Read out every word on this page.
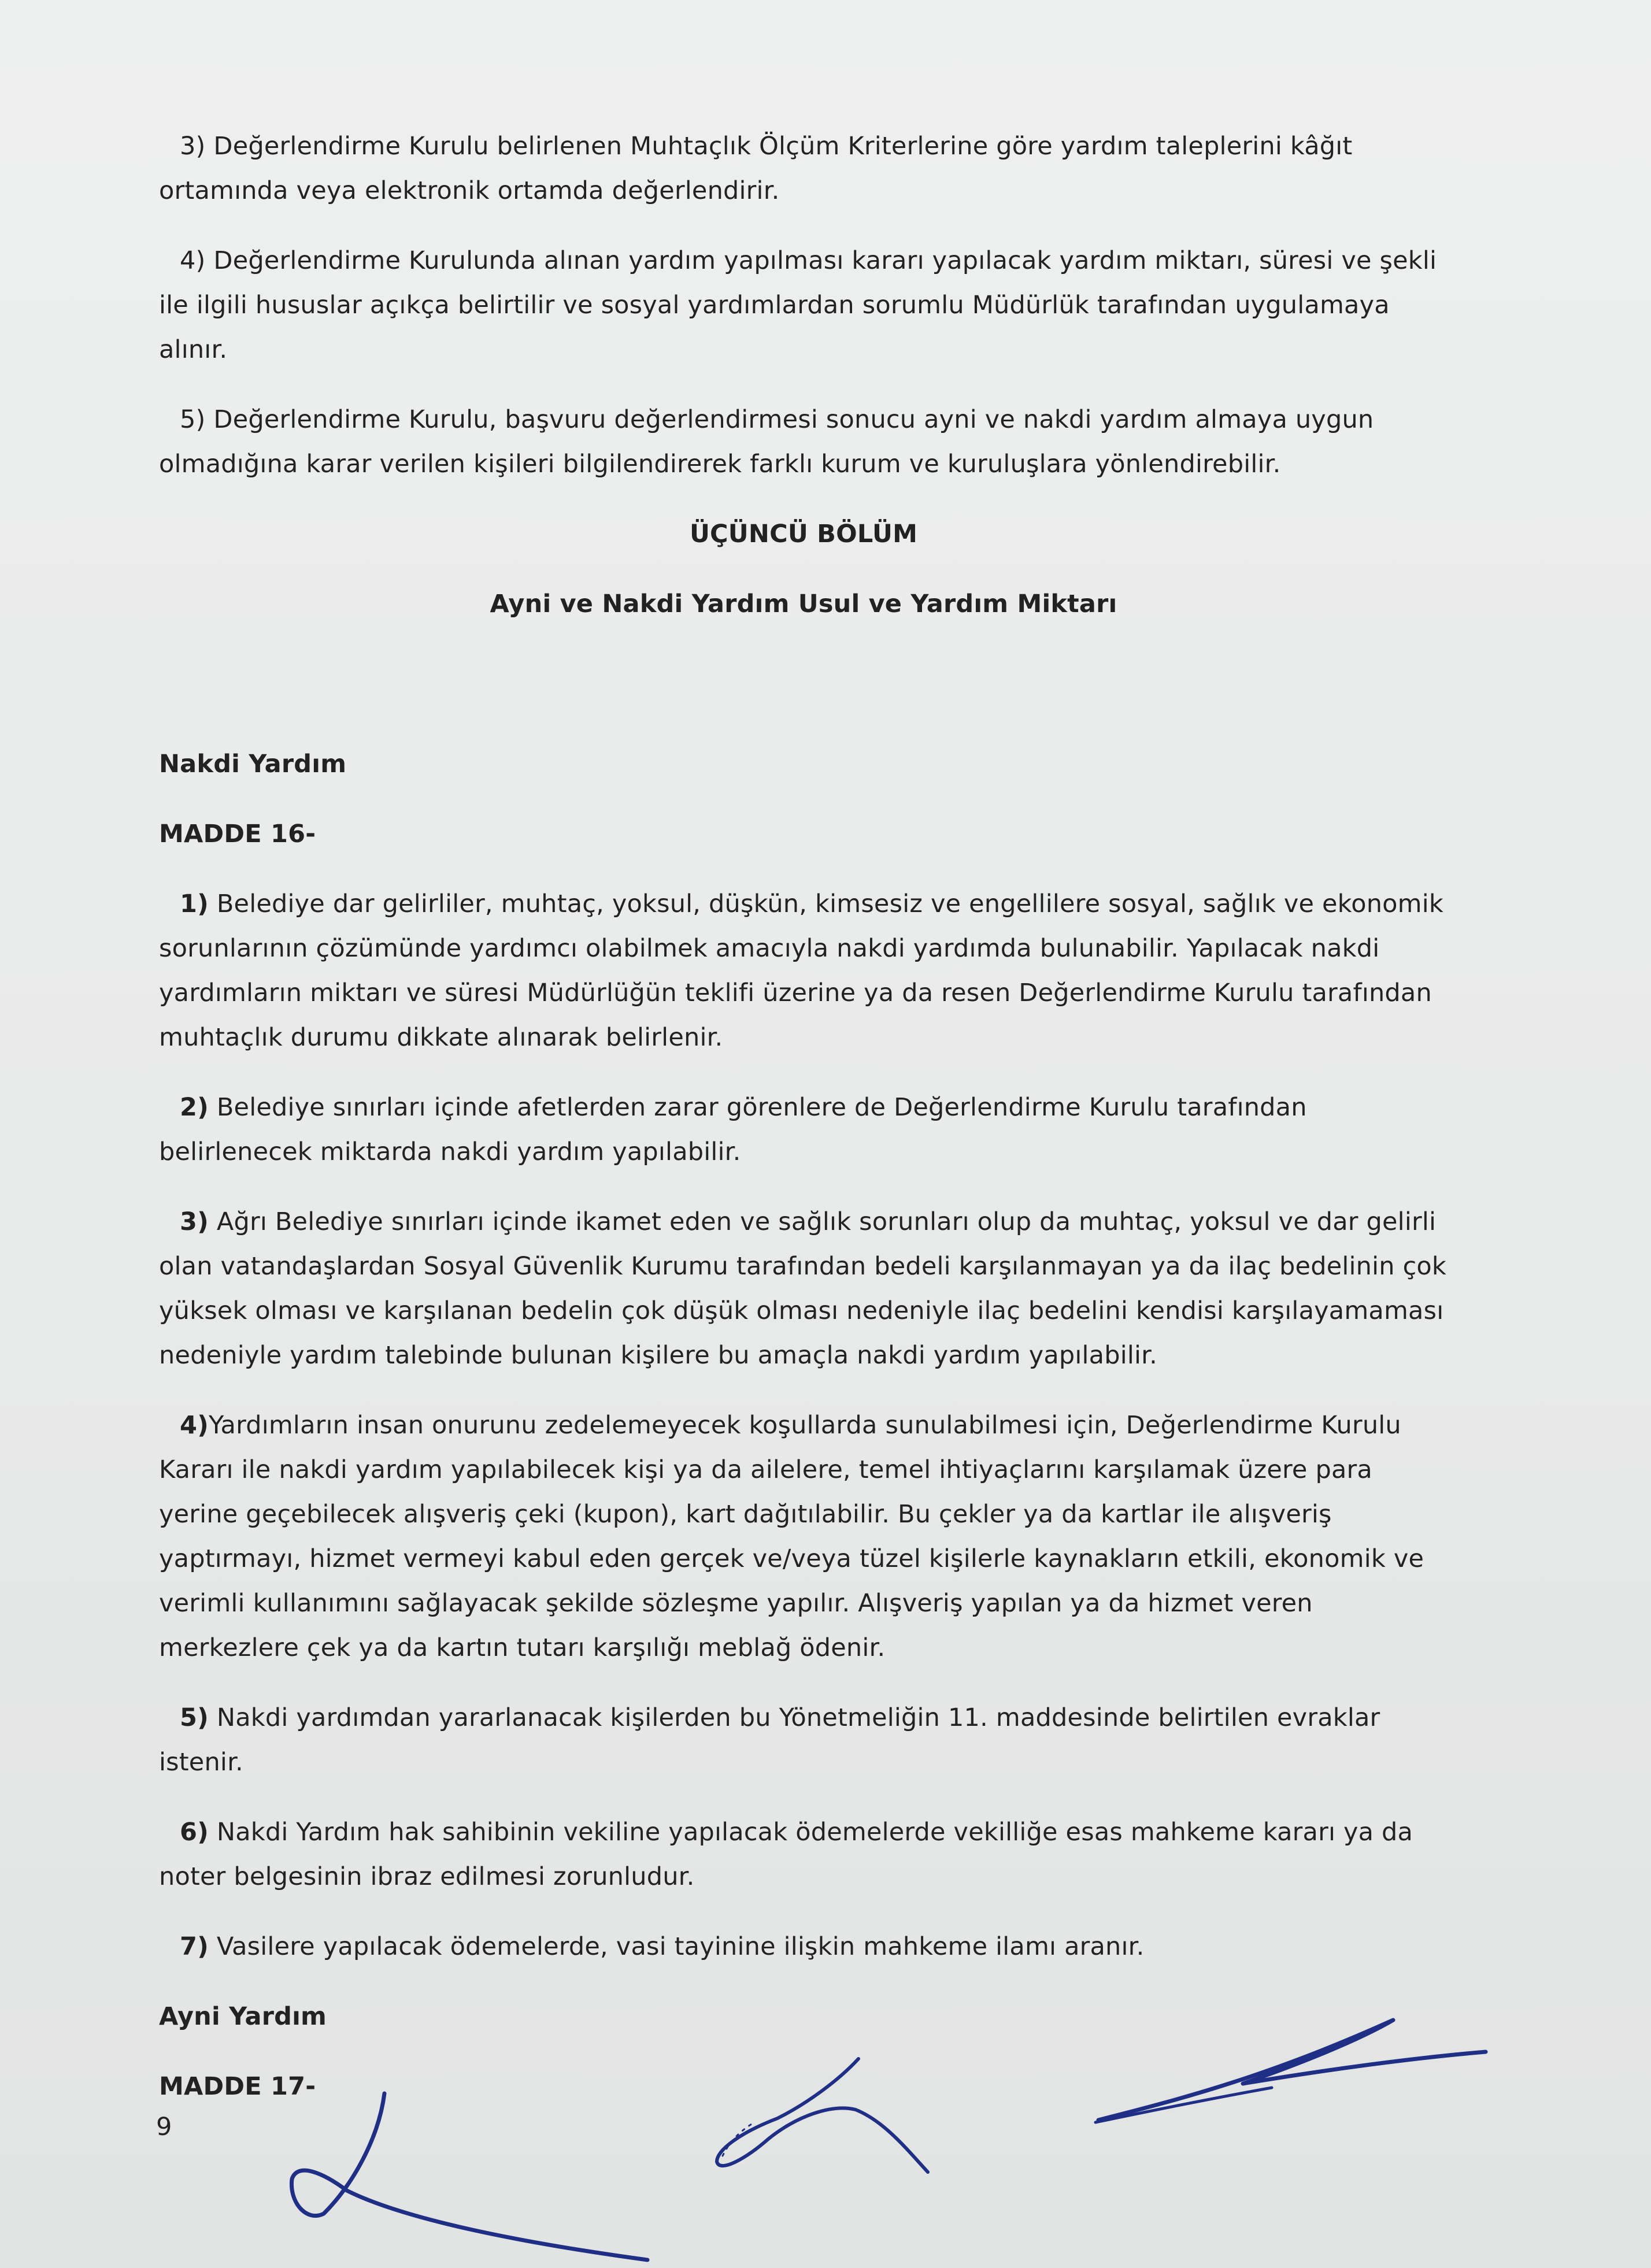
3) Değerlendirme Kurulu belirlenen Muhtaçlık Ölçüm Kriterlerine göre yardım taleplerini kâğıt ortamında veya elektronik ortamda değerlendirir.

4) Değerlendirme Kurulunda alınan yardım yapılması kararı yapılacak yardım miktarı, süresi ve şekli ile ilgili hususlar açıkça belirtilir ve sosyal yardımlardan sorumlu Müdürlük tarafından uygulamaya alınır.

5) Değerlendirme Kurulu, başvuru değerlendirmesi sonucu ayni ve nakdi yardım almaya uygun olmadığına karar verilen kişileri bilgilendirerek farklı kurum ve kuruluşlara yönlendirebilir.

ÜÇÜNCÜ BÖLÜM

Ayni ve Nakdi Yardım Usul ve Yardım Miktarı

Nakdi Yardım

MADDE 16-

1) Belediye dar gelirliler, muhtaç, yoksul, düşkün, kimsesiz ve engellilere sosyal, sağlık ve ekonomik sorunlarının çözümünde yardımcı olabilmek amacıyla nakdi yardımda bulunabilir. Yapılacak nakdi yardımların miktarı ve süresi Müdürlüğün teklifi üzerine ya da resen Değerlendirme Kurulu tarafından muhtaçlık durumu dikkate alınarak belirlenir.

2) Belediye sınırları içinde afetlerden zarar görenlere de Değerlendirme Kurulu tarafından belirlenecek miktarda nakdi yardım yapılabilir.

3) Ağrı Belediye sınırları içinde ikamet eden ve sağlık sorunları olup da muhtaç, yoksul ve dar gelirli olan vatandaşlardan Sosyal Güvenlik Kurumu tarafından bedeli karşılanmayan ya da ilaç bedelinin çok yüksek olması ve karşılanan bedelin çok düşük olması nedeniyle ilaç bedelini kendisi karşılayamaması nedeniyle yardım talebinde bulunan kişilere bu amaçla nakdi yardım yapılabilir.

4)Yardımların insan onurunu zedelemeyecek koşullarda sunulabilmesi için, Değerlendirme Kurulu Kararı ile nakdi yardım yapılabilecek kişi ya da ailelere, temel ihtiyaçlarını karşılamak üzere para yerine geçebilecek alışveriş çeki (kupon), kart dağıtılabilir. Bu çekler ya da kartlar ile alışveriş yaptırmayı, hizmet vermeyi kabul eden gerçek ve/veya tüzel kişilerle kaynakların etkili, ekonomik ve verimli kullanımını sağlayacak şekilde sözleşme yapılır. Alışveriş yapılan ya da hizmet veren merkezlere çek ya da kartın tutarı karşılığı meblağ ödenir.

5) Nakdi yardımdan yararlanacak kişilerden bu Yönetmeliğin 11. maddesinde belirtilen evraklar istenir.

6) Nakdi Yardım hak sahibinin vekiline yapılacak ödemelerde vekilliğe esas mahkeme kararı ya da noter belgesinin ibraz edilmesi zorunludur.

7) Vasilere yapılacak ödemelerde, vasi tayinine ilişkin mahkeme ilamı aranır.

Ayni Yardım

MADDE 17-

9
